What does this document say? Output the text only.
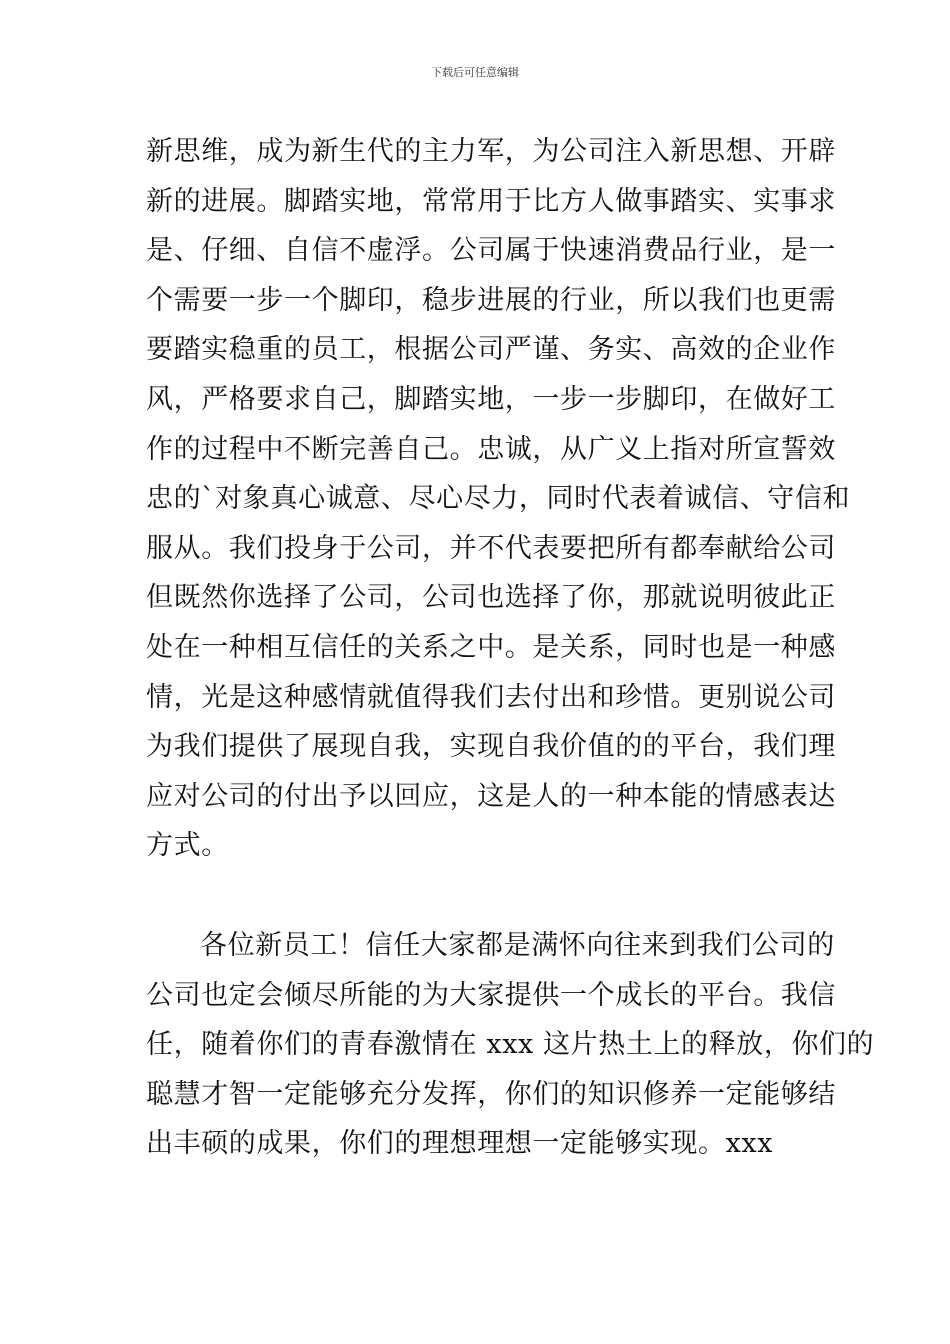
下载后可任意编辑
新思维，成为新生代的主力军，为公司注入新思想、开辟
新的进展。脚踏实地，常常用于比方人做事踏实、实事求
是、仔细、自信不虚浮。公司属于快速消费品行业，是一
个需要一步一个脚印，稳步进展的行业，所以我们也更需
要踏实稳重的员工，根据公司严谨、务实、高效的企业作
风，严格要求自己，脚踏实地，一步一步脚印，在做好工
作的过程中不断完善自己。忠诚，从广义上指对所宣誓效
忠的`对象真心诚意、尽心尽力，同时代表着诚信、守信和
服从。我们投身于公司，并不代表要把所有都奉献给公司
但既然你选择了公司，公司也选择了你，那就说明彼此正
处在一种相互信任的关系之中。是关系，同时也是一种感
情，光是这种感情就值得我们去付出和珍惜。更别说公司
为我们提供了展现自我，实现自我价值的的平台，我们理
应对公司的付出予以回应，这是人的一种本能的情感表达
方式。
各位新员工！信任大家都是满怀向往来到我们公司的
公司也定会倾尽所能的为大家提供一个成长的平台。我信
任，随着你们的青春激情在 xxx 这片热土上的释放，你们的
聪慧才智一定能够充分发挥，你们的知识修养一定能够结
出丰硕的成果，你们的理想理想一定能够实现。xxx
